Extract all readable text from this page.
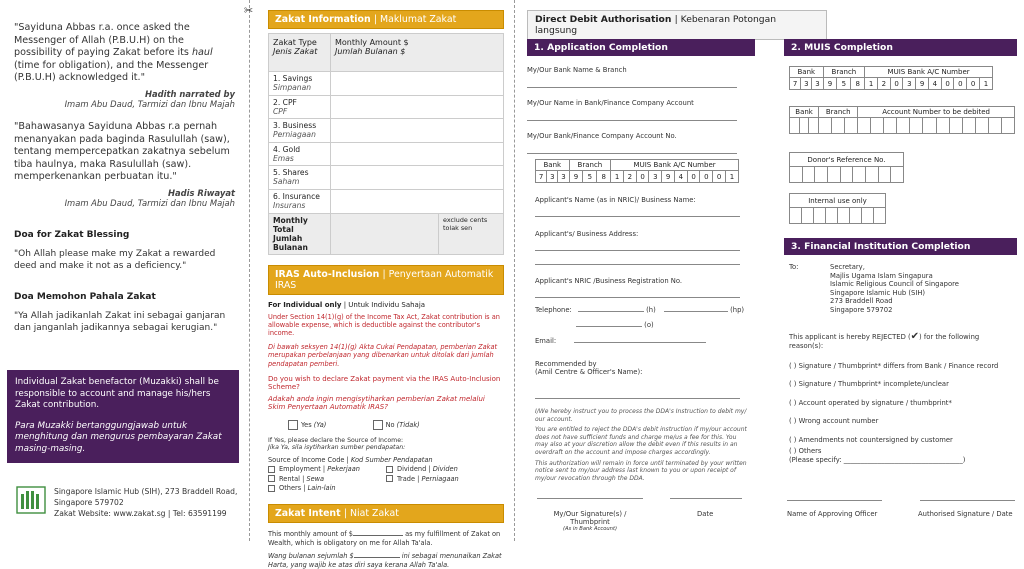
"Sayiduna Abbas r.a. once asked the Messenger of Allah (P.B.U.H) on the possibility of paying Zakat before its haul (time for obligation), and the Messenger (P.B.U.H) acknowledged it."

Hadith narrated by
Imam Abu Daud, Tarmizi dan Ibnu Majah

"Bahawasanya Sayiduna Abbas r.a pernah menanyakan pada baginda Rasulullah (saw), tentang mempercepatkan zakatnya sebelum tiba haulnya, maka Rasulullah (saw). memperkenankan perbuatan itu."

Hadis Riwayat
Imam Abu Daud, Tarmizi dan Ibnu Majah
Doa for Zakat Blessing
"Oh Allah please make my Zakat a rewarded deed and make it not as a deficiency."
Doa Memohon Pahala Zakat
"Ya Allah jadikanlah Zakat ini sebagai ganjaran dan janganlah jadikannya sebagai kerugian."
Individual Zakat benefactor (Muzakki) shall be responsible to account and manage his/hers Zakat contribution.
Para Muzakki bertanggungjawab untuk menghitung dan mengurus pembayaran Zakat masing-masing.
Singapore Islamic Hub (SIH), 273 Braddell Road,
Singapore 579702
Zakat Website: www.zakat.sg | Tel: 63591199
✂
Zakat Information | Maklumat Zakat
Zakat Type
Jenis Zakat	Monthly Amount $
Jumlah Bulanan $	

1. Savings
Simpanan		

2. CPF
CPF		

3. Business
Perniagaan		

4. Gold
Emas		

5. Shares
Saham		

6. Insurance
Insurans		

Monthly Total
Jumlah Bulanan		exclude cents tolak sen
IRAS Auto-Inclusion | Penyertaan Automatik IRAS
For Individual only | Untuk Individu Sahaja

Under Section 14(1)(g) of the Income Tax Act, Zakat contribution is an allowable expense, which is deductible against the contributor's income.

Di bawah seksyen 14(1)(g) Akta Cukai Pendapatan, pemberian Zakat merupakan perbelanjaan yang dibenarkan untuk ditolak dari jumlah pendapatan pemberi.

Do you wish to declare Zakat payment via the IRAS Auto-Inclusion Scheme?

Adakah anda ingin mengisytiharkan pemberian Zakat melalui Skim Penyertaan Automatik IRAS?

Yes (Ya)	No (Tidak)

If Yes, please declare the Source of Income:
Jika Ya, sila isytiharkan sumber pendapatan:

Source of Income Code | Kod Sumber Pendapatan

Employment | Pekerjaan	Dividend | Dividen
Rental | Sewa	Trade | Perniagaan
Others | Lain-lain
Zakat Intent | Niat Zakat

This monthly amount of $	as my fulfillment of Zakat on Wealth, which is obligatory on me for Allah Ta'ala.

Wang bulanan sejumlah $	ini sebagai menunaikan Zakat Harta, yang wajib ke atas diri saya kerana Allah Ta'ala.

Direct Debit Authorisation | Kebenaran Potongan langsung
1. Application Completion
My/Our Bank Name & Branch
My/Our Name in Bank/Finance Company Account
My/Our Bank/Finance Company Account No.
Bank			Branch			MUIS Bank A/C Number									
7	3	3	9	5	8	1	2	0	3	9	4	0	0	0	1
Applicant's Name (as in NRIC)/ Business Name:
Applicant's/ Business Address:
Applicant's NRIC /Business Registration No.
Telephone:	(h)	(hp)
(o)
Email:
Recommended by
(Amil Centre & Officer's Name):

I/We hereby instruct you to process the DDA's Instruction to debit my/ our account.

You are entitled to reject the DDA's debit instruction if my/our account does not have sufficient funds and charge me/us a fee for this. You may also at your discretion allow the debit even if this results in an overdraft on the account and impose charges accordingly.

This authorization will remain in force until terminated by your written notice sent to my/our address last known to you or upon receipt of my/our revocation through the DDA.

My/Our Signature(s) / Thumbprint
(As in Bank Account)
Date
2. MUIS Completion
Bank			Branch			MUIS Bank A/C Number									
7	3	3	9	5	8	1	2	0	3	9	4	0	0	0	1
Bank			Branch			Account Number to be debited											

Donor's Reference No.

Internal use only

3. Financial Institution Completion
To:	Secretary,
Majlis Ugama Islam Singapura
Islamic Religious Council of Singapore
Singapore Islamic Hub (SIH)
273 Braddell Road
Singapore 579702
This applicant is hereby REJECTED (✔) for the following reason(s):
( ) Signature / Thumbprint* differs from Bank / Finance record
( ) Signature / Thumbprint* incomplete/unclear
( ) Account operated by signature / thumbprint*
( ) Wrong account number
( ) Amendments not countersigned by customer
( ) Others
(Please specify: ___________________________________)
Name of Approving Officer	Authorised Signature / Date
